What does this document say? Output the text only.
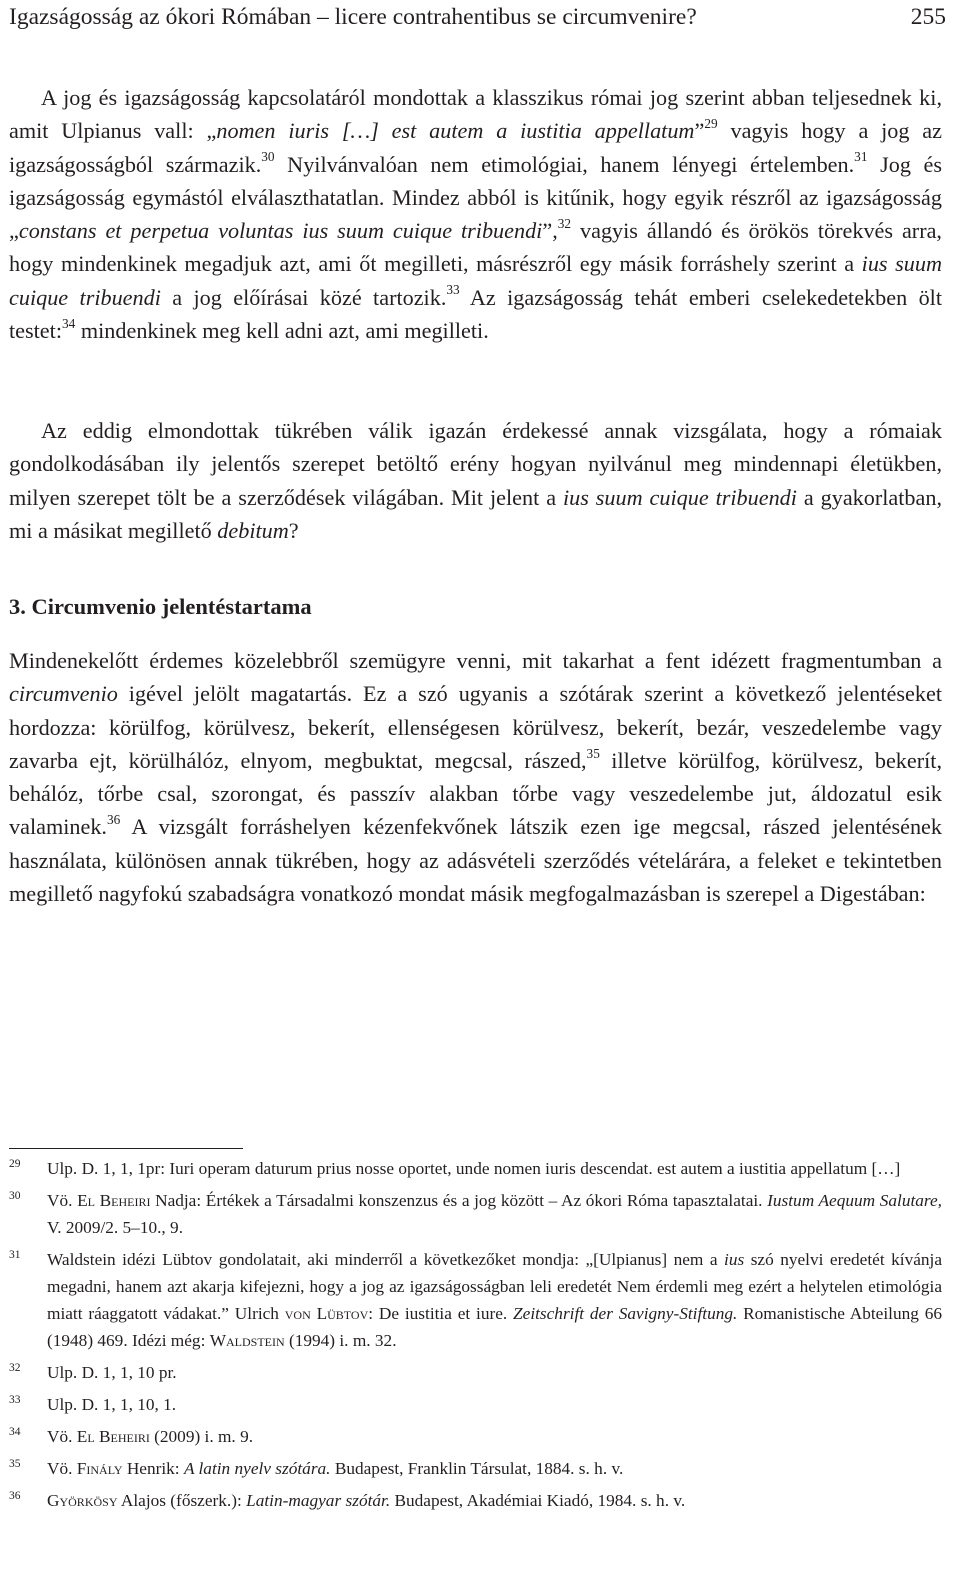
Igazságosság az ókori Rómában – licere contrahentibus se circumvenire?	255

A jog és igazságosság kapcsolatáról mondottak a klasszikus római jog szerint abban teljesednek ki, amit Ulpianus vall: „nomen iuris […] est autem a iustitia appellatum”$^{29}$ vagyis hogy a jog az igazságosságból származik.$^{30}$ Nyilvánvalóan nem etimológiai, hanem lényegi értelemben.$^{31}$ Jog és igazságosság egymástól elválaszthatatlan. Mindez abból is kitűnik, hogy egyik részről az igazságosság „constans et perpetua voluntas ius suum cuique tribuendi”,$^{32}$ vagyis állandó és örökös törekvés arra, hogy mindenkinek megadjuk azt, ami őt megilleti, másrészről egy másik forráshely szerint a ius suum cuique tribuendi a jog előírásai közé tartozik.$^{33}$ Az igazságosság tehát emberi cselekedetekben ölt testet:$^{34}$ mindenkinek meg kell adni azt, ami megilleti.

Az eddig elmondottak tükrében válik igazán érdekessé annak vizsgálata, hogy a rómaiak gondolkodásában ily jelentős szerepet betöltő erény hogyan nyilvánul meg mindennapi életükben, milyen szerepet tölt be a szerződések világában. Mit jelent a ius suum cuique tribuendi a gyakorlatban, mi a másikat megillető debitum?

3. Circumvenio jelentéstartama

Mindenekelőtt érdemes közelebbről szemügyre venni, mit takarhat a fent idézett fragmentumban a circumvenio igével jelölt magatartás. Ez a szó ugyanis a szótárak szerint a következő jelentéseket hordozza: körülfog, körülvesz, bekerít, ellenségesen körülvesz, bekerít, bezár, veszedelembe vagy zavarba ejt, körülhálóz, elnyom, megbuktat, megcsal, rászed,$^{35}$ illetve körülfog, körülvesz, bekerít, behálóz, tőrbe csal, szorongat, és passzív alakban tőrbe vagy veszedelembe jut, áldozatul esik valaminek.$^{36}$ A vizsgált forráshelyen kézenfekvőnek látszik ezen ige megcsal, rászed jelentésének használata, különösen annak tükrében, hogy az adásvételi szerződés vételárára, a feleket e tekintetben megillető nagyfokú szabadságra vonatkozó mondat másik megfogalmazásban is szerepel a Digestában:

29 Ulp. D. 1, 1, 1pr: Iuri operam daturum prius nosse oportet, unde nomen iuris descendat. est autem a iustitia appellatum […]
30 Vö. El Beheiri Nadja: Értékek a Társadalmi konszenzus és a jog között – Az ókori Róma tapasztalatai. Iustum Aequum Salutare, V. 2009/2. 5–10., 9.
31 Waldstein idézi Lübtov gondolatait, aki minderről a következőket mondja: „[Ulpianus] nem a ius szó nyelvi eredetét kívánja megadni, hanem azt akarja kifejezni, hogy a jog az igazságosságban leli eredetét Nem érdemli meg ezért a helytelen etimológia miatt ráaggatott vádakat.” Ulrich von Lübtov: De iustitia et iure. Zeitschrift der Savigny-Stiftung. Romanistische Abteilung 66 (1948) 469. Idézi még: Waldstein (1994) i. m. 32.
32 Ulp. D. 1, 1, 10 pr.
33 Ulp. D. 1, 1, 10, 1.
34 Vö. El Beheiri (2009) i. m. 9.
35 Vö. Finály Henrik: A latin nyelv szótára. Budapest, Franklin Társulat, 1884. s. h. v.
36 Györkösy Alajos (főszerk.): Latin-magyar szótár. Budapest, Akadémiai Kiadó, 1984. s. h. v.
